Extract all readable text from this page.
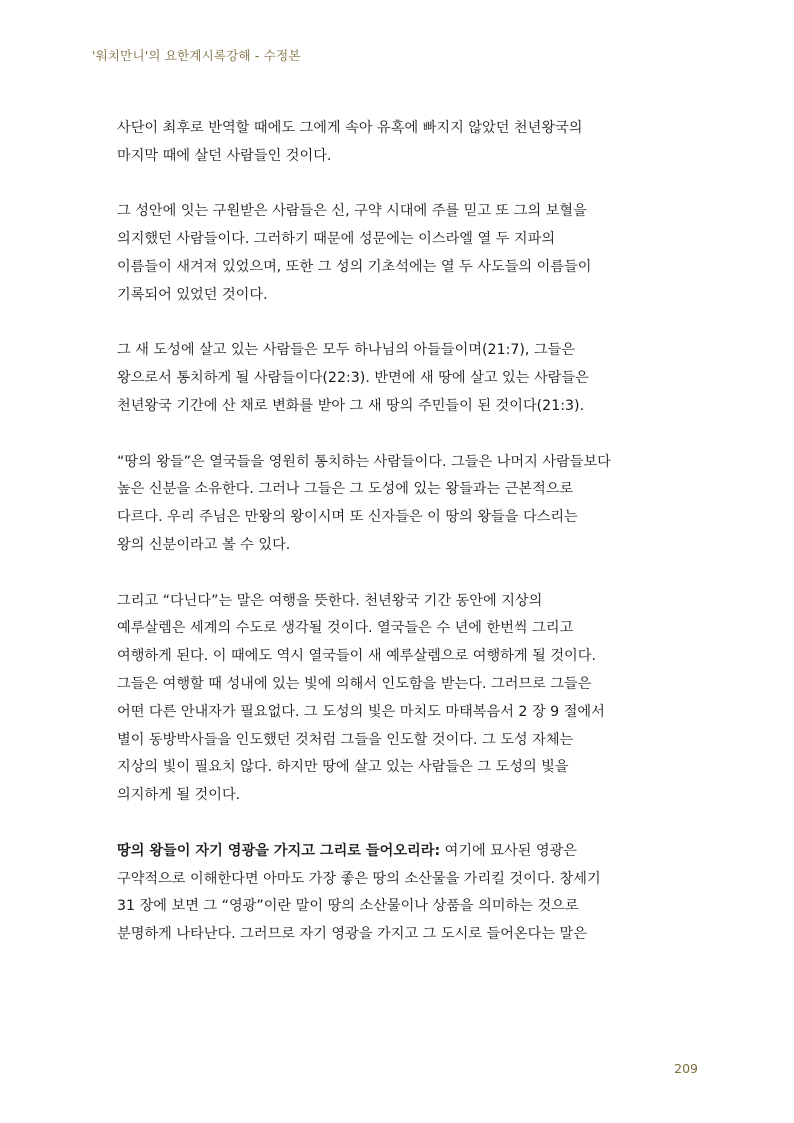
'워치만니'의 요한계시록강해 - 수정본
사단이 최후로 반역할 때에도 그에게 속아 유혹에 빠지지 않았던 천년왕국의
마지막 때에 살던 사람들인 것이다.
그 성안에 잇는 구원받은 사람들은 신, 구약 시대에 주를 믿고 또 그의 보혈을
의지했던 사람들이다. 그러하기 때문에 성문에는 이스라엘 열 두 지파의
이름들이 새겨져 있었으며, 또한 그 성의 기초석에는 열 두 사도들의 이름들이
기록되어 있었던 것이다.
그 새 도성에 살고 있는 사람들은 모두 하나님의 아들들이며(21:7), 그들은
왕으로서 통치하게 될 사람들이다(22:3). 반면에 새 땅에 살고 있는 사람들은
천년왕국 기간에 산 채로 변화를 받아 그 새 땅의 주민들이 된 것이다(21:3).
“땅의 왕들”은 열국들을 영원히 통치하는 사람들이다. 그들은 나머지 사람들보다
높은 신분을 소유한다. 그러나 그들은 그 도성에 있는 왕들과는 근본적으로
다르다. 우리 주님은 만왕의 왕이시며 또 신자들은 이 땅의 왕들을 다스리는
왕의 신분이라고 볼 수 있다.
그리고 “다닌다”는 말은 여행을 뜻한다. 천년왕국 기간 동안에 지상의
예루살렘은 세계의 수도로 생각될 것이다. 열국들은 수 년에 한번씩 그리고
여행하게 된다. 이 때에도 역시 열국들이 새 예루살렘으로 여행하게 될 것이다.
그들은 여행할 때 성내에 있는 빛에 의해서 인도함을 받는다. 그러므로 그들은
어떤 다른 안내자가 필요없다. 그 도성의 빛은 마치도 마태복음서 2 장 9 절에서
별이 동방박사들을 인도했던 것처럼 그들을 인도할 것이다. 그 도성 자체는
지상의 빛이 필요치 않다. 하지만 땅에 살고 있는 사람들은 그 도성의 빛을
의지하게 될 것이다.
땅의 왕들이 자기 영광을 가지고 그리로 들어오리라: 여기에 묘사된 영광은
구약적으로 이해한다면 아마도 가장 좋은 땅의 소산물을 가리킬 것이다. 창세기
31 장에 보면 그 “영광”이란 말이 땅의 소산물이나 상품을 의미하는 것으로
분명하게 나타난다. 그러므로 자기 영광을 가지고 그 도시로 들어온다는 말은
209
